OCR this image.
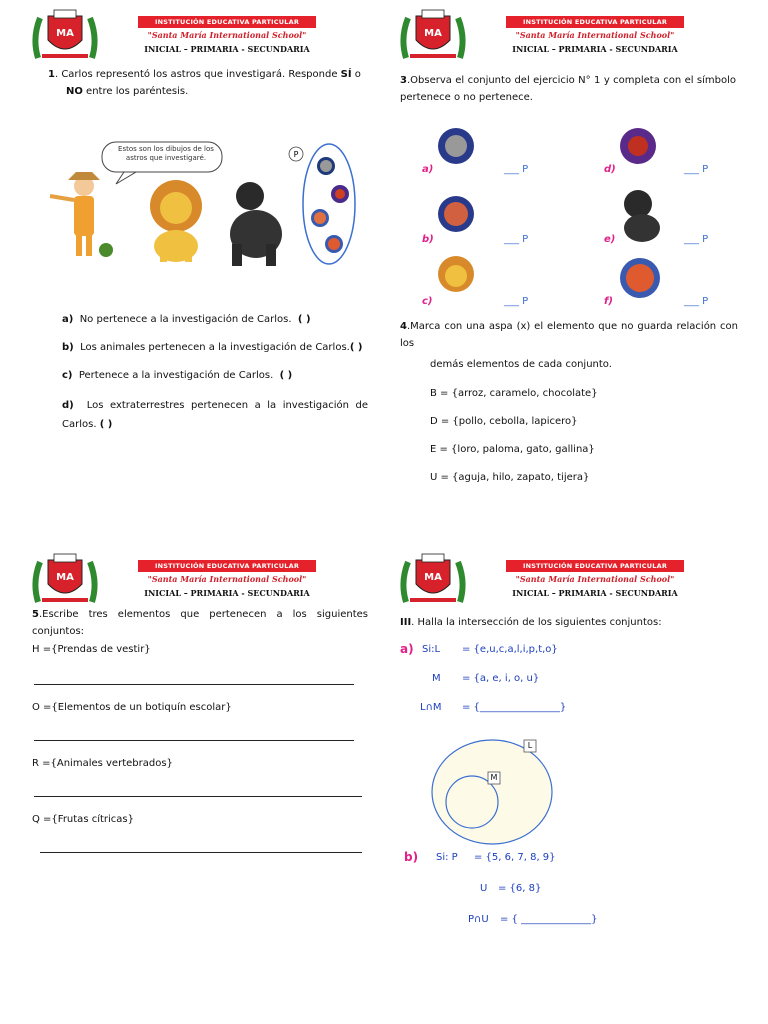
MA
INSTITUCIÓN EDUCATIVA PARTICULAR
"Santa María International School"
INICIAL – PRIMARIA - SECUNDARIA
1. Carlos representó los astros que investigará. Responde SÍ o
NO entre los paréntesis.
P
Estos son los dibujos de los astros que investigaré.
a) No pertenece a la investigación de Carlos. ( )
b) Los animales pertenecen a la investigación de Carlos.( )
c) Pertenece a la investigación de Carlos. ( )
d) Los extraterrestres pertenecen a la investigación de Carlos. ( )
MA
INSTITUCIÓN EDUCATIVA PARTICULAR
"Santa María International School"
INICIAL – PRIMARIA - SECUNDARIA
3.Observa el conjunto del ejercicio N° 1 y completa con el símbolo pertenece o no pertenece.
a)	___ P
b)	___ P
c)	___ P
d)	___ P
e)	___ P
f)	___ P
4.Marca con una aspa (x) el elemento que no guarda relación con los
demás elementos de cada conjunto.
B = {arroz, caramelo, chocolate}
D = {pollo, cebolla, lapicero}
E = {loro, paloma, gato, gallina}
U = {aguja, hilo, zapato, tijera}
MA
INSTITUCIÓN EDUCATIVA PARTICULAR
"Santa María International School"
INICIAL – PRIMARIA - SECUNDARIA
5.Escribe tres elementos que pertenecen a los siguientes conjuntos:
H ={Prendas de vestir}
O ={Elementos de un botiquín escolar}
R ={Animales vertebrados}
Q ={Frutas cítricas}
MA
INSTITUCIÓN EDUCATIVA PARTICULAR
"Santa María International School"
INICIAL – PRIMARIA - SECUNDARIA
III. Halla la intersección de los siguientes conjuntos:
a) Si:L = {e,u,c,a,l,i,p,t,o}
M = {a, e, i, o, u}
L∩M = {________________}
L
M
b) Si: P = {5, 6, 7, 8, 9}
U = {6, 8}
P∩U = { ______________}
